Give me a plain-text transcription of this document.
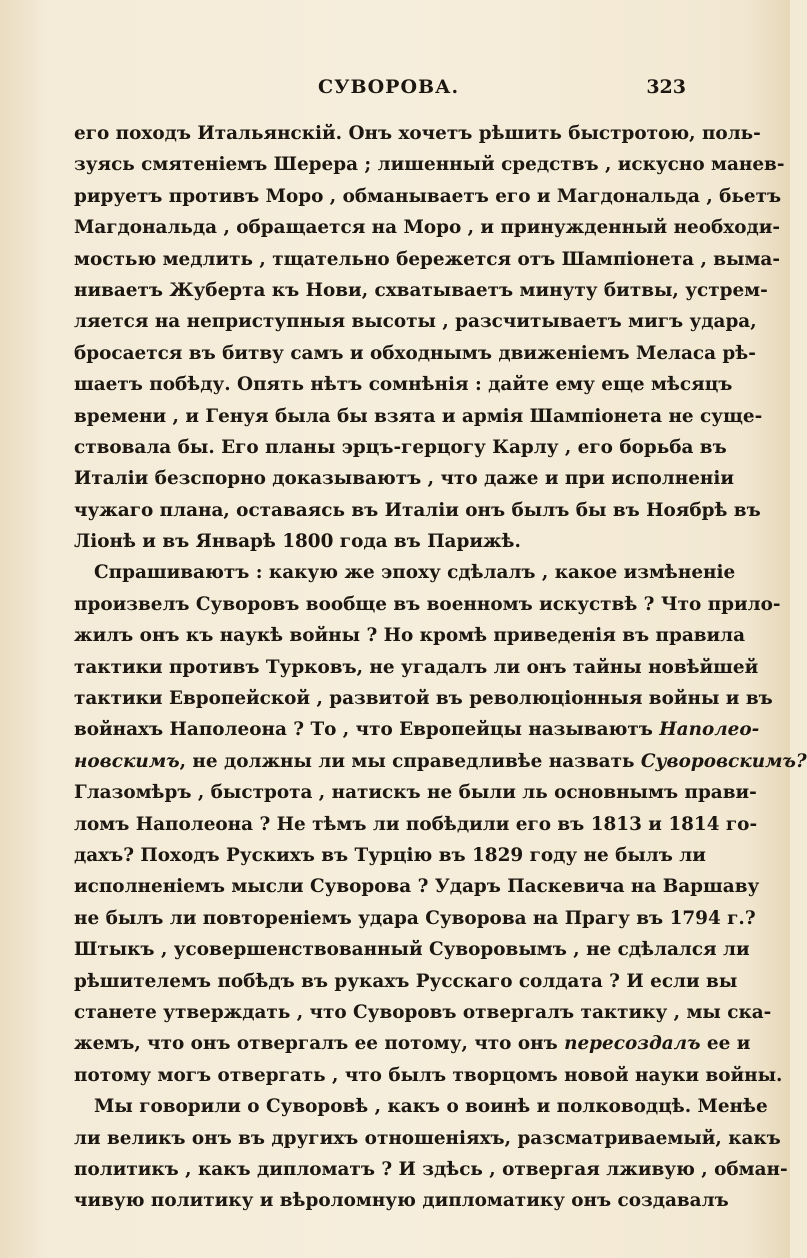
СУВОРОВА.	323
его походъ Итальянскій. Онъ хочетъ рѣшить быстротою, поль-
зуясь смятеніемъ Шерера ; лишенный средствъ , искусно манев-
рируетъ противъ Моро , обманываетъ его и Магдональда , бьетъ
Магдональда , обращается на Моро , и принужденный необходи-
мостью медлить , тщательно бережется отъ Шампіонета , выма-
ниваетъ Жуберта къ Нови, схватываетъ минуту битвы, устрем-
ляется на неприступныя высоты , разсчитываетъ мигъ удара,
бросается въ битву самъ и обходнымъ движеніемъ Меласа рѣ-
шаетъ побѣду. Опять нѣтъ сомнѣнія : дайте ему еще мѣсяцъ
времени , и Генуя была бы взята и армія Шампіонета не суще-
ствовала бы. Его планы эрцъ-герцогу Карлу , его борьба въ
Италіи безспорно доказываютъ , что даже и при исполненіи
чужаго плана, оставаясь въ Италіи онъ былъ бы въ Ноябрѣ въ
Ліонѣ и въ Январѣ 1800 года въ Парижѣ.
Спрашиваютъ : какую же эпоху сдѣлалъ , какое измѣненіе
произвелъ Суворовъ вообще въ военномъ искуствѣ ? Что прило-
жилъ онъ къ наукѣ войны ? Но кромѣ приведенія въ правила
тактики противъ Турковъ, не угадалъ ли онъ тайны новѣйшей
тактики Европейской , развитой въ революціонныя войны и въ
войнахъ Наполеона ? То , что Европейцы называютъ Наполео-
новскимъ, не должны ли мы справедливѣе назвать Суворовскимъ?
Глазомѣръ , быстрота , натискъ не были ль основнымъ прави-
ломъ Наполеона ? Не тѣмъ ли побѣдили его въ 1813 и 1814 го-
дахъ? Походъ Рускихъ въ Турцію въ 1829 году не былъ ли
исполненіемъ мысли Суворова ? Ударъ Паскевича на Варшаву
не былъ ли повтореніемъ удара Суворова на Прагу въ 1794 г.?
Штыкъ , усовершенствованный Суворовымъ , не сдѣлался ли
рѣшителемъ побѣдъ въ рукахъ Русскаго солдата ? И если вы
станете утверждать , что Суворовъ отвергалъ тактику , мы ска-
жемъ, что онъ отвергалъ ее потому, что онъ пересоздалъ ее и
потому могъ отвергать , что былъ творцомъ новой науки войны.
Мы говорили о Суворовѣ , какъ о воинѣ и полководцѣ. Менѣе
ли великъ онъ въ другихъ отношеніяхъ, разсматриваемый, какъ
политикъ , какъ дипломатъ ? И здѣсь , отвергая лживую , обман-
чивую политику и вѣроломную дипломатику онъ создавалъ
